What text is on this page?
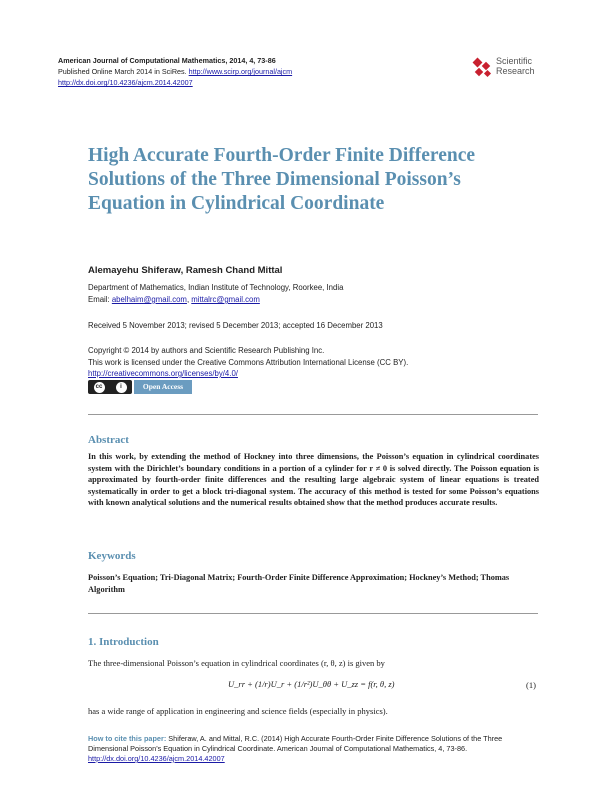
American Journal of Computational Mathematics, 2014, 4, 73-86
Published Online March 2014 in SciRes. http://www.scirp.org/journal/ajcm
http://dx.doi.org/10.4236/ajcm.2014.42007
Scientific
Research
High Accurate Fourth-Order Finite Difference Solutions of the Three Dimensional Poisson’s Equation in Cylindrical Coordinate
Alemayehu Shiferaw, Ramesh Chand Mittal
Department of Mathematics, Indian Institute of Technology, Roorkee, India
Email: abelhaim@gmail.com, mittalrc@gmail.com
Received 5 November 2013; revised 5 December 2013; accepted 16 December 2013
Copyright © 2014 by authors and Scientific Research Publishing Inc.
This work is licensed under the Creative Commons Attribution International License (CC BY).
http://creativecommons.org/licenses/by/4.0/
cc	i	Open Access
Abstract
In this work, by extending the method of Hockney into three dimensions, the Poisson’s equation in cylindrical coordinates system with the Dirichlet’s boundary conditions in a portion of a cylinder for r ≠ 0 is solved directly. The Poisson equation is approximated by fourth-order finite differences and the resulting large algebraic system of linear equations is treated systematically in order to get a block tri-diagonal system. The accuracy of this method is tested for some Poisson’s equations with known analytical solutions and the numerical results obtained show that the method produces accurate results.
Keywords
Poisson’s Equation; Tri-Diagonal Matrix; Fourth-Order Finite Difference Approximation; Hockney’s Method; Thomas Algorithm
1. Introduction
The three-dimensional Poisson’s equation in cylindrical coordinates (r, θ, z) is given by
U_rr + (1/r)U_r + (1/r²)U_θθ + U_zz = f(r, θ, z)	(1)
has a wide range of application in engineering and science fields (especially in physics).
How to cite this paper: Shiferaw, A. and Mittal, R.C. (2014) High Accurate Fourth-Order Finite Difference Solutions of the Three Dimensional Poisson’s Equation in Cylindrical Coordinate. American Journal of Computational Mathematics, 4, 73-86.
http://dx.doi.org/10.4236/ajcm.2014.42007
